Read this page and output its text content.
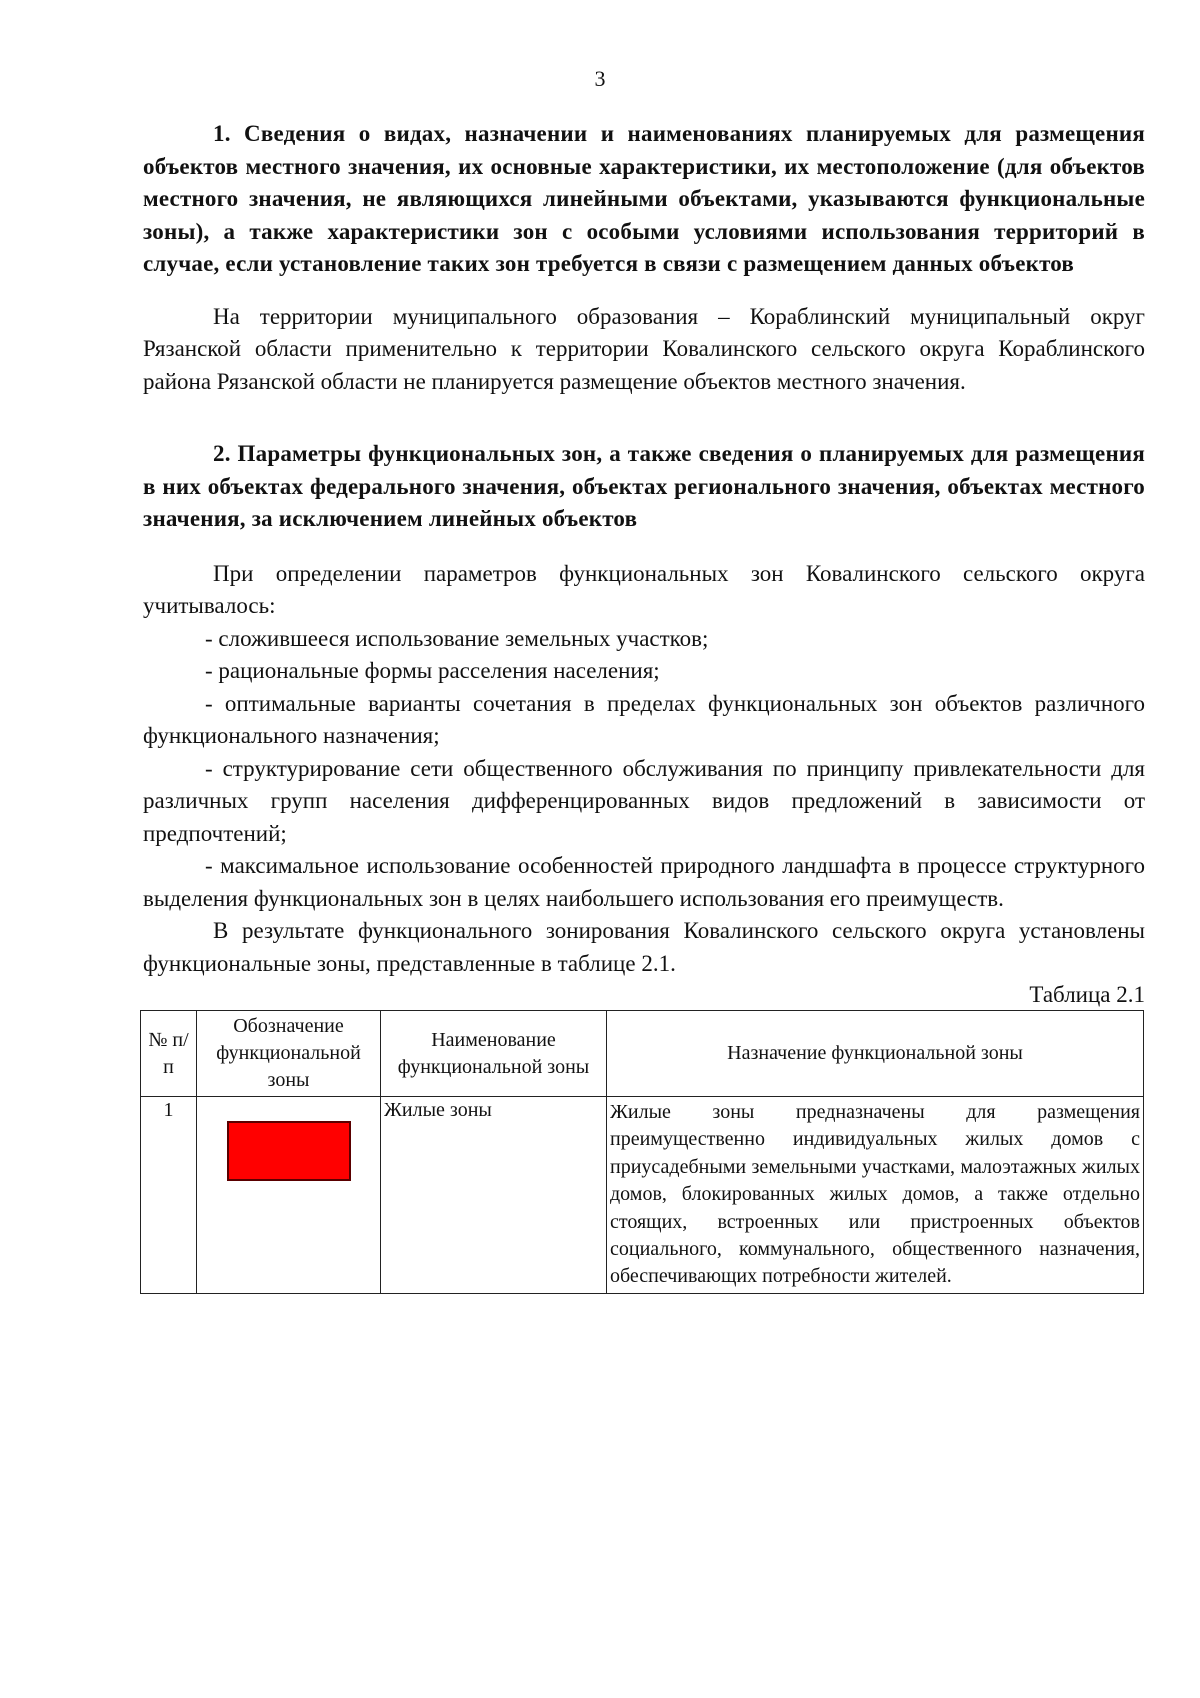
3

1. Сведения о видах, назначении и наименованиях планируемых для размещения объектов местного значения, их основные характеристики, их местоположение (для объектов местного значения, не являющихся линейными объектами, указываются функциональные зоны), а также характеристики зон с особыми условиями использования территорий в случае, если установление таких зон требуется в связи с размещением данных объектов

На территории муниципального образования – Кораблинский муниципальный округ Рязанской области применительно к территории Ковалинского сельского округа Кораблинского района Рязанской области не планируется размещение объектов местного значения.

2. Параметры функциональных зон, а также сведения о планируемых для размещения в них объектах федерального значения, объектах регионального значения, объектах местного значения, за исключением линейных объектов

При определении параметров функциональных зон Ковалинского сельского округа учитывалось:

- сложившееся использование земельных участков;

- рациональные формы расселения населения;

- оптимальные варианты сочетания в пределах функциональных зон объектов различного функционального назначения;

- структурирование сети общественного обслуживания по принципу привлекательности для различных групп населения дифференцированных видов предложений в зависимости от предпочтений;

- максимальное использование особенностей природного ландшафта в процессе структурного выделения функциональных зон в целях наибольшего использования его преимуществ.

В результате функционального зонирования Ковалинского сельского округа установлены функциональные зоны, представленные в таблице 2.1.

Таблица 2.1

№ п/п	Обозначение функциональной зоны	Наименование функциональной зоны	Назначение функциональной зоны
1		Жилые зоны	Жилые зоны предназначены для размещения преимущественно индивидуальных жилых домов с приусадебными земельными участками, малоэтажных жилых домов, блокированных жилых домов, а также отдельно стоящих, встроенных или пристроенных объектов социального, коммунального, общественного назначения, обеспечивающих потребности жителей.
